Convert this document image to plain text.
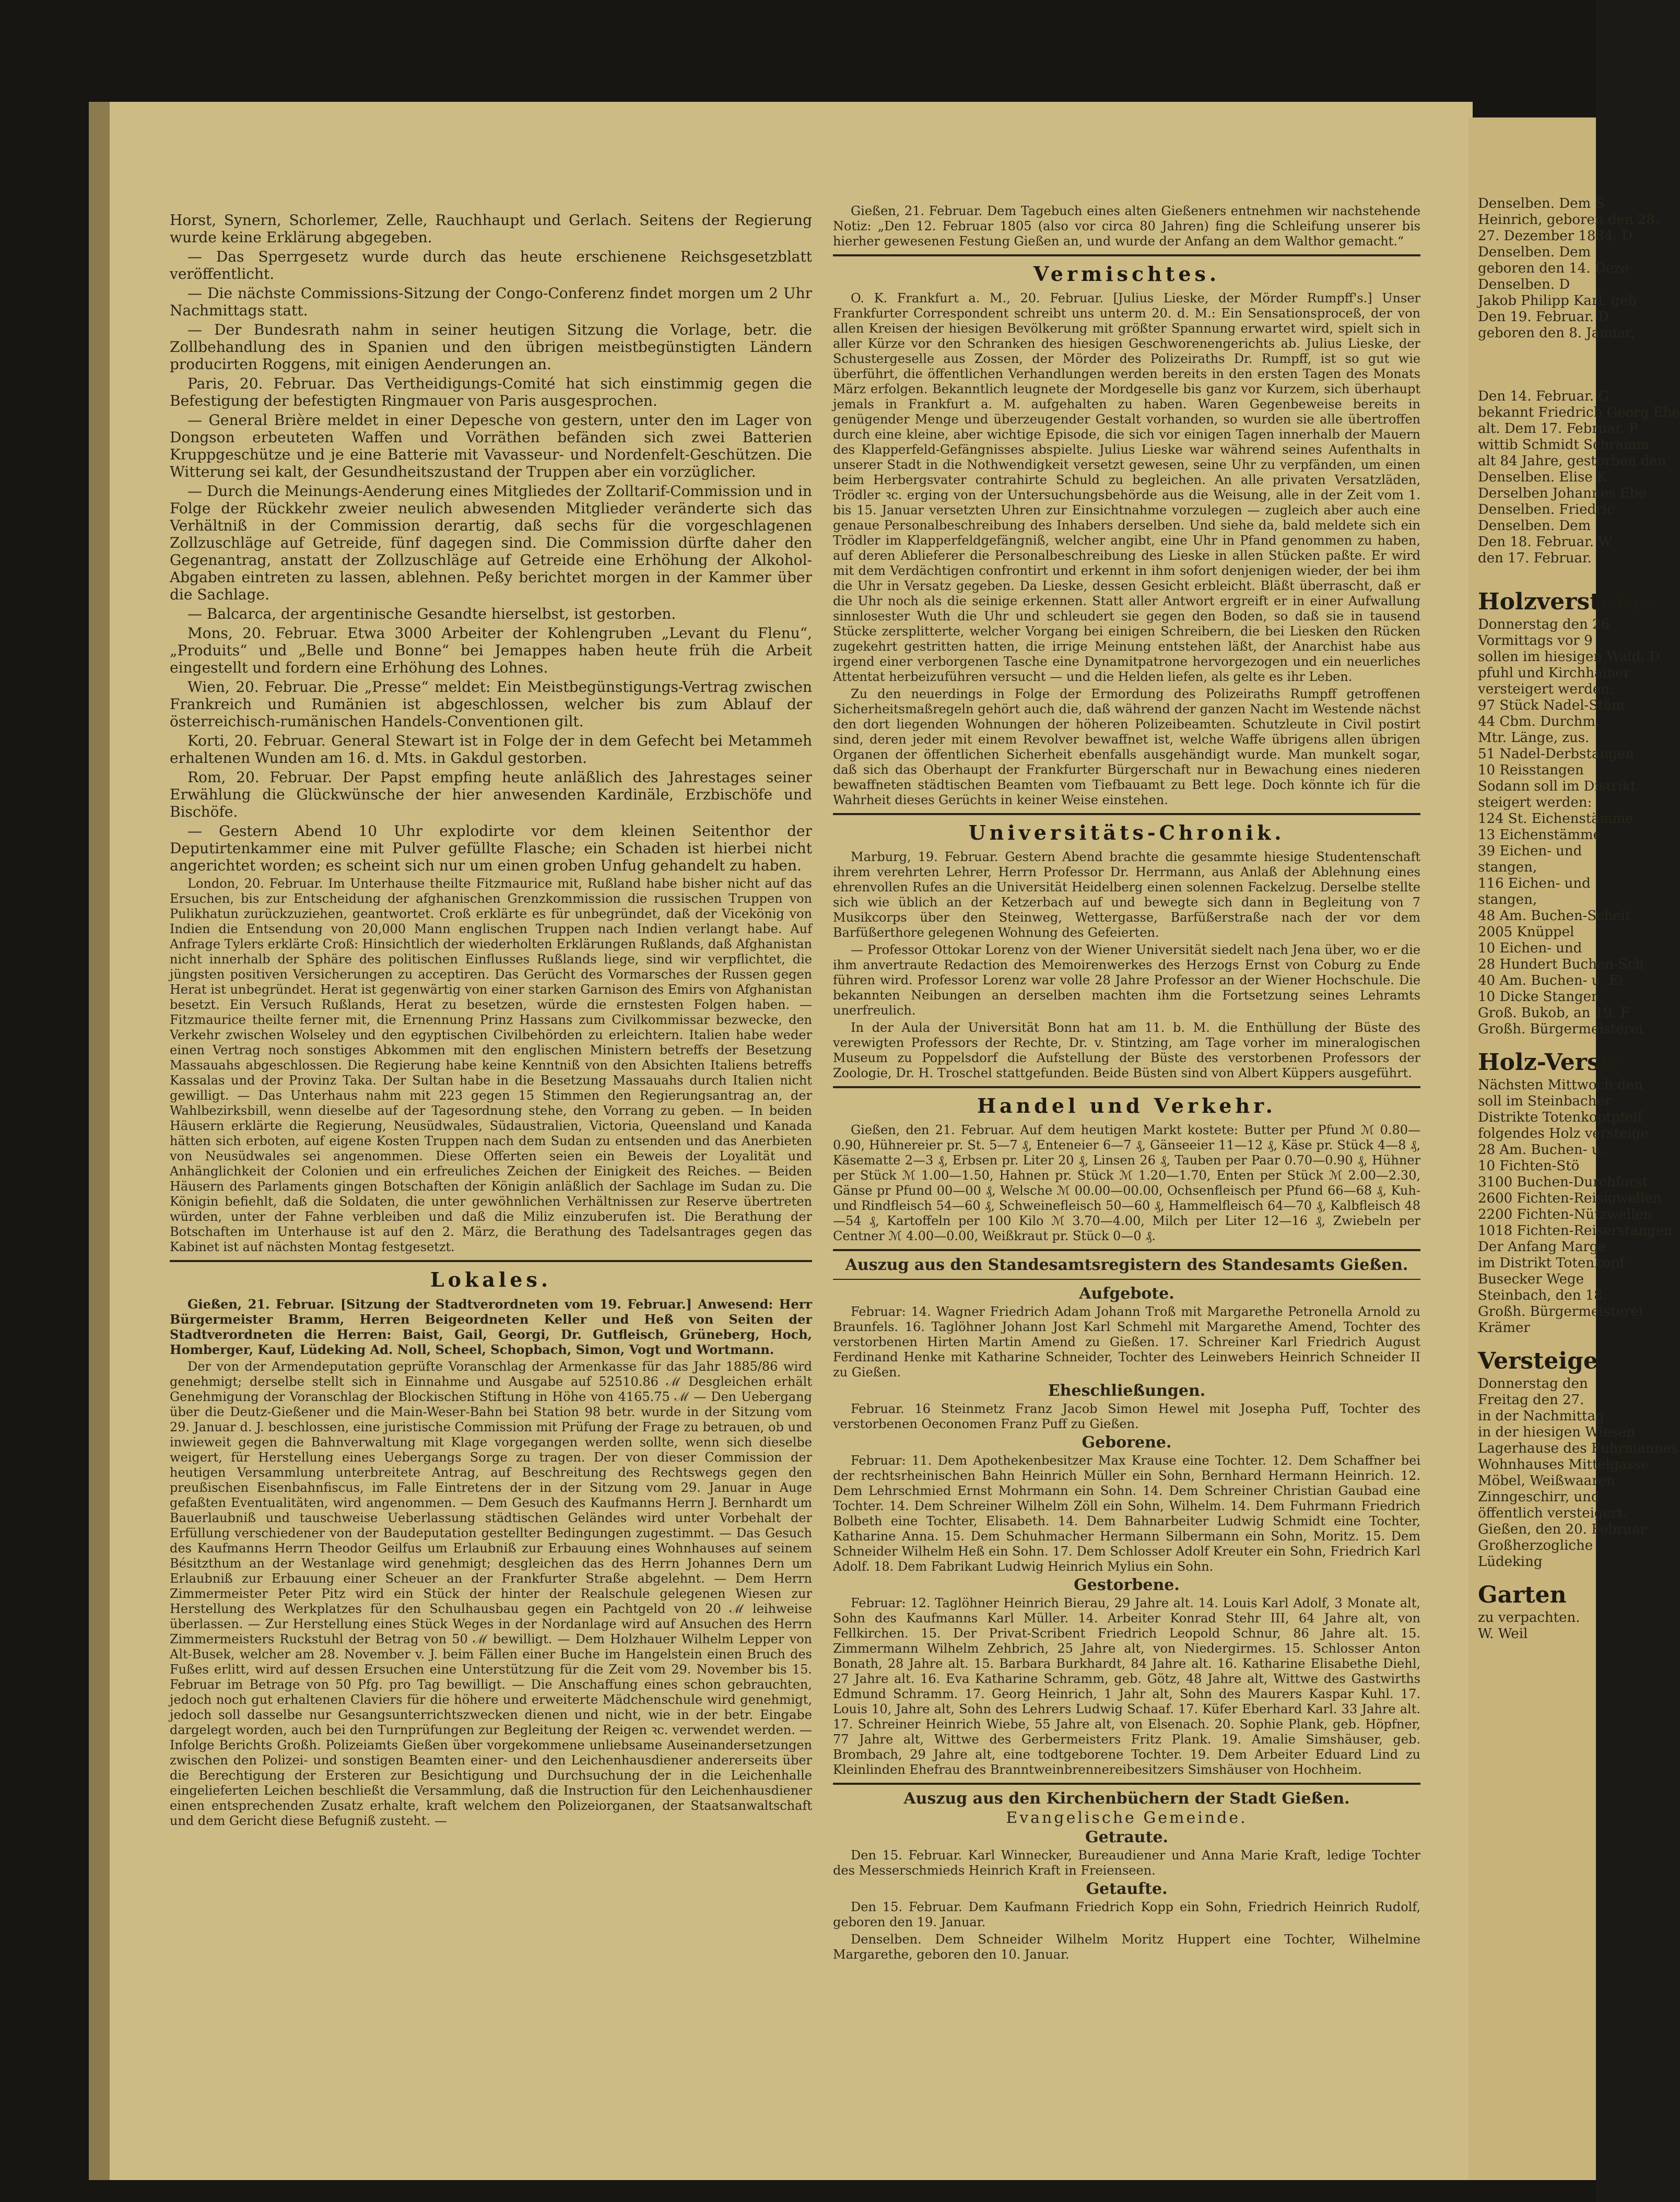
Horst, Synern, Schorlemer, Zelle, Rauchhaupt und Gerlach. Seitens der Regierung wurde keine Erklärung abgegeben.

— Das Sperrgesetz wurde durch das heute erschienene Reichsgesetzblatt veröffentlicht.

— Die nächste Commissions-Sitzung der Congo-Conferenz findet morgen um 2 Uhr Nachmittags statt.

— Der Bundesrath nahm in seiner heutigen Sitzung die Vorlage, betr. die Zollbehandlung des in Spanien und den übrigen meistbegünstigten Ländern producirten Roggens, mit einigen Aenderungen an.

Paris, 20. Februar. Das Vertheidigungs-Comité hat sich einstimmig gegen die Befestigung der befestigten Ringmauer von Paris ausgesprochen.

— General Brière meldet in einer Depesche von gestern, unter den im Lager von Dongson erbeuteten Waffen und Vorräthen befänden sich zwei Batterien Kruppgeschütze und je eine Batterie mit Vavasseur- und Nordenfelt-Geschützen. Die Witterung sei kalt, der Gesundheitszustand der Truppen aber ein vorzüglicher.

— Durch die Meinungs-Aenderung eines Mitgliedes der Zolltarif-Commission und in Folge der Rückkehr zweier neulich abwesenden Mitglieder veränderte sich das Verhältniß in der Commission derartig, daß sechs für die vorgeschlagenen Zollzuschläge auf Getreide, fünf dagegen sind. Die Commission dürfte daher den Gegenantrag, anstatt der Zollzuschläge auf Getreide eine Erhöhung der Alkohol-Abgaben eintreten zu lassen, ablehnen. Peßy berichtet morgen in der Kammer über die Sachlage.

— Balcarca, der argentinische Gesandte hierselbst, ist gestorben.

Mons, 20. Februar. Etwa 3000 Arbeiter der Kohlengruben „Levant du Flenu“, „Produits“ und „Belle und Bonne“ bei Jemappes haben heute früh die Arbeit eingestellt und fordern eine Erhöhung des Lohnes.

Wien, 20. Februar. Die „Presse“ meldet: Ein Meistbegünstigungs-Vertrag zwischen Frankreich und Rumänien ist abgeschlossen, welcher bis zum Ablauf der österreichisch-rumänischen Handels-Conventionen gilt.

Korti, 20. Februar. General Stewart ist in Folge der in dem Gefecht bei Metammeh erhaltenen Wunden am 16. d. Mts. in Gakdul gestorben.

Rom, 20. Februar. Der Papst empfing heute anläßlich des Jahrestages seiner Erwählung die Glückwünsche der hier anwesenden Kardinäle, Erzbischöfe und Bischöfe.

— Gestern Abend 10 Uhr explodirte vor dem kleinen Seitenthor der Deputirtenkammer eine mit Pulver gefüllte Flasche; ein Schaden ist hierbei nicht angerichtet worden; es scheint sich nur um einen groben Unfug gehandelt zu haben.

London, 20. Februar. Im Unterhause theilte Fitzmaurice mit, Rußland habe bisher nicht auf das Ersuchen, bis zur Entscheidung der afghanischen Grenzkommission die russischen Truppen von Pulikhatun zurückzuziehen, geantwortet. Croß erklärte es für unbegründet, daß der Vicekönig von Indien die Entsendung von 20,000 Mann englischen Truppen nach Indien verlangt habe. Auf Anfrage Tylers erklärte Croß: Hinsichtlich der wiederholten Erklärungen Rußlands, daß Afghanistan nicht innerhalb der Sphäre des politischen Einflusses Rußlands liege, sind wir verpflichtet, die jüngsten positiven Versicherungen zu acceptiren. Das Gerücht des Vormarsches der Russen gegen Herat ist unbegründet. Herat ist gegenwärtig von einer starken Garnison des Emirs von Afghanistan besetzt. Ein Versuch Rußlands, Herat zu besetzen, würde die ernstesten Folgen haben. — Fitzmaurice theilte ferner mit, die Ernennung Prinz Hassans zum Civilkommissar bezwecke, den Verkehr zwischen Wolseley und den egyptischen Civilbehörden zu erleichtern. Italien habe weder einen Vertrag noch sonstiges Abkommen mit den englischen Ministern betreffs der Besetzung Massauahs abgeschlossen. Die Regierung habe keine Kenntniß von den Absichten Italiens betreffs Kassalas und der Provinz Taka. Der Sultan habe in die Besetzung Massauahs durch Italien nicht gewilligt. — Das Unterhaus nahm mit 223 gegen 15 Stimmen den Regierungsantrag an, der Wahlbezirksbill, wenn dieselbe auf der Tagesordnung stehe, den Vorrang zu geben. — In beiden Häusern erklärte die Regierung, Neusüdwales, Südaustralien, Victoria, Queensland und Kanada hätten sich erboten, auf eigene Kosten Truppen nach dem Sudan zu entsenden und das Anerbieten von Neusüdwales sei angenommen. Diese Offerten seien ein Beweis der Loyalität und Anhänglichkeit der Colonien und ein erfreuliches Zeichen der Einigkeit des Reiches. — Beiden Häusern des Parlaments gingen Botschaften der Königin anläßlich der Sachlage im Sudan zu. Die Königin befiehlt, daß die Soldaten, die unter gewöhnlichen Verhältnissen zur Reserve übertreten würden, unter der Fahne verbleiben und daß die Miliz einzuberufen ist. Die Berathung der Botschaften im Unterhause ist auf den 2. März, die Berathung des Tadelsantrages gegen das Kabinet ist auf nächsten Montag festgesetzt.

Lokales.

Gießen, 21. Februar. [Sitzung der Stadtverordneten vom 19. Februar.] Anwesend: Herr Bürgermeister Bramm, Herren Beigeordneten Keller und Heß von Seiten der Stadtverordneten die Herren: Baist, Gail, Georgi, Dr. Gutfleisch, Grüneberg, Hoch, Homberger, Kauf, Lüdeking Ad. Noll, Scheel, Schopbach, Simon, Vogt und Wortmann.

Der von der Armendeputation geprüfte Voranschlag der Armenkasse für das Jahr 1885/86 wird genehmigt; derselbe stellt sich in Einnahme und Ausgabe auf 52510.86 ℳ Desgleichen erhält Genehmigung der Voranschlag der Blockischen Stiftung in Höhe von 4165.75 ℳ — Den Uebergang über die Deutz-Gießener und die Main-Weser-Bahn bei Station 98 betr. wurde in der Sitzung vom 29. Januar d. J. beschlossen, eine juristische Commission mit Prüfung der Frage zu betrauen, ob und inwieweit gegen die Bahnverwaltung mit Klage vorgegangen werden sollte, wenn sich dieselbe weigert, für Herstellung eines Uebergangs Sorge zu tragen. Der von dieser Commission der heutigen Versammlung unterbreitete Antrag, auf Beschreitung des Rechtswegs gegen den preußischen Eisenbahnfiscus, im Falle Eintretens der in der Sitzung vom 29. Januar in Auge gefaßten Eventualitäten, wird angenommen. — Dem Gesuch des Kaufmanns Herrn J. Bernhardt um Bauerlaubniß und tauschweise Ueberlassung städtischen Geländes wird unter Vorbehalt der Erfüllung verschiedener von der Baudeputation gestellter Bedingungen zugestimmt. — Das Gesuch des Kaufmanns Herrn Theodor Geilfus um Erlaubniß zur Erbauung eines Wohnhauses auf seinem Bésitzthum an der Westanlage wird genehmigt; desgleichen das des Herrn Johannes Dern um Erlaubniß zur Erbauung einer Scheuer an der Frankfurter Straße abgelehnt. — Dem Herrn Zimmermeister Peter Pitz wird ein Stück der hinter der Realschule gelegenen Wiesen zur Herstellung des Werkplatzes für den Schulhausbau gegen ein Pachtgeld von 20 ℳ leihweise überlassen. — Zur Herstellung eines Stück Weges in der Nordanlage wird auf Ansuchen des Herrn Zimmermeisters Ruckstuhl der Betrag von 50 ℳ bewilligt. — Dem Holzhauer Wilhelm Lepper von Alt-Busek, welcher am 28. November v. J. beim Fällen einer Buche im Hangelstein einen Bruch des Fußes erlitt, wird auf dessen Ersuchen eine Unterstützung für die Zeit vom 29. November bis 15. Februar im Betrage von 50 Pfg. pro Tag bewilligt. — Die Anschaffung eines schon gebrauchten, jedoch noch gut erhaltenen Claviers für die höhere und erweiterte Mädchenschule wird genehmigt, jedoch soll dasselbe nur Gesangsunterrichtszwecken dienen und nicht, wie in der betr. Eingabe dargelegt worden, auch bei den Turnprüfungen zur Begleitung der Reigen ꝛc. verwendet werden. — Infolge Berichts Großh. Polizeiamts Gießen über vorgekommene unliebsame Auseinandersetzungen zwischen den Polizei- und sonstigen Beamten einer- und den Leichenhausdiener andererseits über die Berechtigung der Ersteren zur Besichtigung und Durchsuchung der in die Leichenhalle eingelieferten Leichen beschließt die Versammlung, daß die Instruction für den Leichenhausdiener einen entsprechenden Zusatz erhalte, kraft welchem den Polizeiorganen, der Staatsanwaltschaft und dem Gericht diese Befugniß zusteht. —

Gießen, 21. Februar. Dem Tagebuch eines alten Gießeners entnehmen wir nachstehende Notiz: „Den 12. Februar 1805 (also vor circa 80 Jahren) fing die Schleifung unserer bis hierher gewesenen Festung Gießen an, und wurde der Anfang an dem Walthor gemacht.“

Vermischtes.

O. K. Frankfurt a. M., 20. Februar. [Julius Lieske, der Mörder Rumpff's.] Unser Frankfurter Correspondent schreibt uns unterm 20. d. M.: Ein Sensationsproceß, der von allen Kreisen der hiesigen Bevölkerung mit größter Spannung erwartet wird, spielt sich in aller Kürze vor den Schranken des hiesigen Geschworenengerichts ab. Julius Lieske, der Schustergeselle aus Zossen, der Mörder des Polizeiraths Dr. Rumpff, ist so gut wie überführt, die öffentlichen Verhandlungen werden bereits in den ersten Tagen des Monats März erfolgen. Bekanntlich leugnete der Mordgeselle bis ganz vor Kurzem, sich überhaupt jemals in Frankfurt a. M. aufgehalten zu haben. Waren Gegenbeweise bereits in genügender Menge und überzeugender Gestalt vorhanden, so wurden sie alle übertroffen durch eine kleine, aber wichtige Episode, die sich vor einigen Tagen innerhalb der Mauern des Klapperfeld-Gefängnisses abspielte. Julius Lieske war während seines Aufenthalts in unserer Stadt in die Nothwendigkeit versetzt gewesen, seine Uhr zu verpfänden, um einen beim Herbergsvater contrahirte Schuld zu begleichen. An alle privaten Versatzläden, Trödler ꝛc. erging von der Untersuchungsbehörde aus die Weisung, alle in der Zeit vom 1. bis 15. Januar versetzten Uhren zur Einsichtnahme vorzulegen — zugleich aber auch eine genaue Personalbeschreibung des Inhabers derselben. Und siehe da, bald meldete sich ein Trödler im Klapperfeldgefängniß, welcher angibt, eine Uhr in Pfand genommen zu haben, auf deren Ablieferer die Personalbeschreibung des Lieske in allen Stücken paßte. Er wird mit dem Verdächtigen confrontirt und erkennt in ihm sofort denjenigen wieder, der bei ihm die Uhr in Versatz gegeben. Da Lieske, dessen Gesicht erbleicht. Bläßt überrascht, daß er die Uhr noch als die seinige erkennen. Statt aller Antwort ergreift er in einer Aufwallung sinnlosester Wuth die Uhr und schleudert sie gegen den Boden, so daß sie in tausend Stücke zersplitterte, welcher Vorgang bei einigen Schreibern, die bei Liesken den Rücken zugekehrt gestritten hatten, die irrige Meinung entstehen läßt, der Anarchist habe aus irgend einer verborgenen Tasche eine Dynamitpatrone hervorgezogen und ein neuerliches Attentat herbeizuführen versucht — und die Helden liefen, als gelte es ihr Leben.

Zu den neuerdings in Folge der Ermordung des Polizeiraths Rumpff getroffenen Sicherheitsmaßregeln gehört auch die, daß während der ganzen Nacht im Westende nächst den dort liegenden Wohnungen der höheren Polizeibeamten. Schutzleute in Civil postirt sind, deren jeder mit einem Revolver bewaffnet ist, welche Waffe übrigens allen übrigen Organen der öffentlichen Sicherheit ebenfalls ausgehändigt wurde. Man munkelt sogar, daß sich das Oberhaupt der Frankfurter Bürgerschaft nur in Bewachung eines niederen bewaffneten städtischen Beamten vom Tiefbauamt zu Bett lege. Doch könnte ich für die Wahrheit dieses Gerüchts in keiner Weise einstehen.

Universitäts-Chronik.

Marburg, 19. Februar. Gestern Abend brachte die gesammte hiesige Studentenschaft ihrem verehrten Lehrer, Herrn Professor Dr. Herrmann, aus Anlaß der Ablehnung eines ehrenvollen Rufes an die Universität Heidelberg einen solennen Fackelzug. Derselbe stellte sich wie üblich an der Ketzerbach auf und bewegte sich dann in Begleitung von 7 Musikcorps über den Steinweg, Wettergasse, Barfüßerstraße nach der vor dem Barfüßerthore gelegenen Wohnung des Gefeierten.

— Professor Ottokar Lorenz von der Wiener Universität siedelt nach Jena über, wo er die ihm anvertraute Redaction des Memoirenwerkes des Herzogs Ernst von Coburg zu Ende führen wird. Professor Lorenz war volle 28 Jahre Professor an der Wiener Hochschule. Die bekannten Neibungen an derselben machten ihm die Fortsetzung seines Lehramts unerfreulich.

In der Aula der Universität Bonn hat am 11. b. M. die Enthüllung der Büste des verewigten Professors der Rechte, Dr. v. Stintzing, am Tage vorher im mineralogischen Museum zu Poppelsdorf die Aufstellung der Büste des verstorbenen Professors der Zoologie, Dr. H. Troschel stattgefunden. Beide Büsten sind von Albert Küppers ausgeführt.

Handel und Verkehr.

Gießen, den 21. Februar. Auf dem heutigen Markt kostete: Butter per Pfund ℳ 0.80—0.90, Hühnereier pr. St. 5—7 ₰, Enteneier 6—7 ₰, Gänseeier 11—12 ₰, Käse pr. Stück 4—8 ₰, Käsematte 2—3 ₰, Erbsen pr. Liter 20 ₰, Linsen 26 ₰, Tauben per Paar 0.70—0.90 ₰, Hühner per Stück ℳ 1.00—1.50, Hahnen pr. Stück ℳ 1.20—1.70, Enten per Stück ℳ 2.00—2.30, Gänse pr Pfund 00—00 ₰, Welsche ℳ 00.00—00.00, Ochsenfleisch per Pfund 66—68 ₰, Kuh- und Rindfleisch 54—60 ₰, Schweinefleisch 50—60 ₰, Hammelfleisch 64—70 ₰, Kalbfleisch 48—54 ₰, Kartoffeln per 100 Kilo ℳ 3.70—4.00, Milch per Liter 12—16 ₰, Zwiebeln per Centner ℳ 4.00—0.00, Weißkraut pr. Stück 0—0 ₰.

Auszug aus den Standesamtsregistern des Standesamts Gießen.
Aufgebote.

Februar: 14. Wagner Friedrich Adam Johann Troß mit Margarethe Petronella Arnold zu Braunfels. 16. Taglöhner Johann Jost Karl Schmehl mit Margarethe Amend, Tochter des verstorbenen Hirten Martin Amend zu Gießen. 17. Schreiner Karl Friedrich August Ferdinand Henke mit Katharine Schneider, Tochter des Leinwebers Heinrich Schneider II zu Gießen.

Eheschließungen.

Februar. 16 Steinmetz Franz Jacob Simon Hewel mit Josepha Puff, Tochter des verstorbenen Oeconomen Franz Puff zu Gießen.

Geborene.

Februar: 11. Dem Apothekenbesitzer Max Krause eine Tochter. 12. Dem Schaffner bei der rechtsrheinischen Bahn Heinrich Müller ein Sohn, Bernhard Hermann Heinrich. 12. Dem Lehrschmied Ernst Mohrmann ein Sohn. 14. Dem Schreiner Christian Gaubad eine Tochter. 14. Dem Schreiner Wilhelm Zöll ein Sohn, Wilhelm. 14. Dem Fuhrmann Friedrich Bolbeth eine Tochter, Elisabeth. 14. Dem Bahnarbeiter Ludwig Schmidt eine Tochter, Katharine Anna. 15. Dem Schuhmacher Hermann Silbermann ein Sohn, Moritz. 15. Dem Schneider Wilhelm Heß ein Sohn. 17. Dem Schlosser Adolf Kreuter ein Sohn, Friedrich Karl Adolf. 18. Dem Fabrikant Ludwig Heinrich Mylius ein Sohn.

Gestorbene.

Februar: 12. Taglöhner Heinrich Bierau, 29 Jahre alt. 14. Louis Karl Adolf, 3 Monate alt, Sohn des Kaufmanns Karl Müller. 14. Arbeiter Konrad Stehr III, 64 Jahre alt, von Fellkirchen. 15. Der Privat-Scribent Friedrich Leopold Schnur, 86 Jahre alt. 15. Zimmermann Wilhelm Zehbrich, 25 Jahre alt, von Niedergirmes. 15. Schlosser Anton Bonath, 28 Jahre alt. 15. Barbara Burkhardt, 84 Jahre alt. 16. Katharine Elisabethe Diehl, 27 Jahre alt. 16. Eva Katharine Schramm, geb. Götz, 48 Jahre alt, Wittwe des Gastwirths Edmund Schramm. 17. Georg Heinrich, 1 Jahr alt, Sohn des Maurers Kaspar Kuhl. 17. Louis 10, Jahre alt, Sohn des Lehrers Ludwig Schaaf. 17. Küfer Eberhard Karl. 33 Jahre alt. 17. Schreiner Heinrich Wiebe, 55 Jahre alt, von Elsenach. 20. Sophie Plank, geb. Höpfner, 77 Jahre alt, Wittwe des Gerbermeisters Fritz Plank. 19. Amalie Simshäuser, geb. Brombach, 29 Jahre alt, eine todtgeborene Tochter. 19. Dem Arbeiter Eduard Lind zu Kleinlinden Ehefrau des Branntweinbrennereibesitzers Simshäuser von Hochheim.

Auszug aus den Kirchenbüchern der Stadt Gießen.
Evangelische Gemeinde.
Getraute.

Den 15. Februar. Karl Winnecker, Bureaudiener und Anna Marie Kraft, ledige Tochter des Messerschmieds Heinrich Kraft in Freienseen.

Getaufte.

Den 15. Februar. Dem Kaufmann Friedrich Kopp ein Sohn, Friedrich Heinrich Rudolf, geboren den 19. Januar.

Denselben. Dem Schneider Wilhelm Moritz Huppert eine Tochter, Wilhelmine Margarethe, geboren den 10. Januar.

Denselben. Dem S
Heinrich, geboren den 28.
27. Dezember 1884. D
Denselben. Dem
geboren den 14. Deze
Denselben. D
Jakob Philipp Karl, geb
Den 19. Februar. D
geboren den 8. Januar.
Den 14. Februar. G
bekannt Friedrich Georg Ebe
alt. Dem 17. Februar. P
wittib Schmidt Schramm
alt 84 Jahre, gestorben den
Denselben. Elise K
Derselben Johannes Ebe
Denselben. Friedric
Denselben. Dem
Den 18. Februar. W
den 17. Februar.
Holzversteige
Donnerstag den 26
Vormittags vor 9
sollen im hiesigen Wald, D
pfuhl und Kirchhainer
versteigert werden:
97 Stück Nadel-Stäm
44 Cbm. Durchm.
Mtr. Länge, zus.
51 Nadel-Derbstangen
10 Reisstangen
Sodann soll im Distrikt
steigert werden:
124 St. Eichenstämme
13 Eichenstämme
39 Eichen- und
stangen,
116 Eichen- und
stangen,
48 Am. Buchen-Scheit
2005 Knüppel
10 Eichen- und
28 Hundert Buchen-Sch
40 Am. Buchen- u. Ei
10 Dicke Stangen
Groß. Bukob, an 19. F
Großh. Bürgermeisterei
Holz-Verste
Nächsten Mittwoch den
soll im Steinbacher
Distrikte Totenkoptpfeif
folgendes Holz versteige
28 Am. Buchen- u.
10 Fichten-Stö
3100 Buchen-Durchforst
2600 Fichten-Reisigwellen
2200 Fichten-Nützwellen
1018 Fichten-Reiserstangen
Der Anfang Marge
im Distrikt Totenkopf
Busecker Wege
Steinbach, den 18.
Großh. Bürgermeisterei
Krämer
Versteige
Donnerstag den
Freitag den 27.
in der Nachmittag
in der hiesigen Wiesen
Lagerhause des Fuhrmannes
Wohnhauses Mittelgasse
Möbel, Weißwaaren
Zinngeschirr, und
öffentlich versteigert.
Gießen, den 20. Februar
Großherzogliche
Lüdeking
Garten
zu verpachten.
W. Weil
